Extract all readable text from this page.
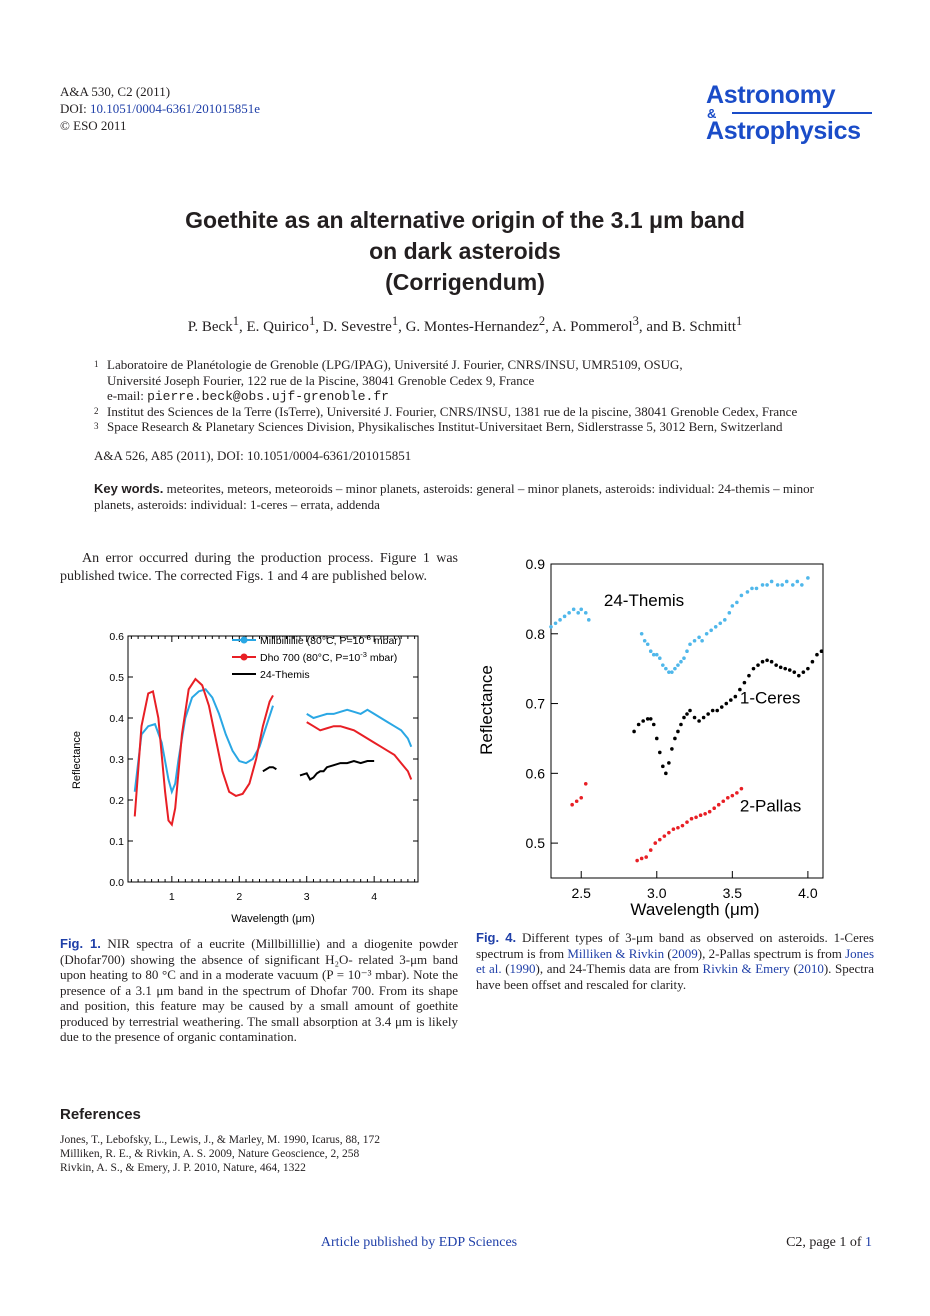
A&A 530, C2 (2011)
DOI: 10.1051/0004-6361/201015851e
© ESO 2011
Astronomy
&
Astrophysics
Goethite as an alternative origin of the 3.1 μm band
on dark asteroids
(Corrigendum)
P. Beck$^1$, E. Quirico$^1$, D. Sevestre$^1$, G. Montes-Hernandez$^2$, A. Pommerol$^3$, and B. Schmitt$^1$
1 Laboratoire de Planétologie de Grenoble (LPG/IPAG), Université J. Fourier, CNRS/INSU, UMR5109, OSUG,
Université Joseph Fourier, 122 rue de la Piscine, 38041 Grenoble Cedex 9, France
e-mail: pierre.beck@obs.ujf-grenoble.fr
2 Institut des Sciences de la Terre (IsTerre), Université J. Fourier, CNRS/INSU, 1381 rue de la piscine, 38041 Grenoble Cedex, France
3 Space Research & Planetary Sciences Division, Physikalisches Institut-Universitaet Bern, Sidlerstrasse 5, 3012 Bern, Switzerland
A&A 526, A85 (2011), DOI: 10.1051/0004-6361/201015851
Key words. meteorites, meteors, meteoroids – minor planets, asteroids: general – minor planets, asteroids: individual: 24-themis – minor planets, asteroids: individual: 1-ceres – errata, addenda
An error occurred during the production process. Figure 1 was published twice. The corrected Figs. 1 and 4 are published below.
0.0
0.1
0.2
0.3
0.4
0.5
0.6
1	2	3	4
Millbillillie (80°C, $P=10^{-3}$ mbar)
Dho 700 (80°C, $P=10^{-3}$ mbar)
24-Themis
Wavelength (μm)
Reflectance
Fig. 1. NIR spectra of a eucrite (Millbillillie) and a diogenite powder (Dhofar700) showing the absence of significant H₂O- related 3-μm band upon heating to 80 °C and in a moderate vacuum (P = 10⁻³ mbar). Note the presence of a 3.1 μm band in the spectrum of Dhofar 700. From its shape and position, this feature may be caused by a small amount of goethite produced by terrestrial weathering. The small absorption at 3.4 μm is likely due to the presence of organic contamination.
0.5
0.6
0.7
0.8
0.9
2.5	3.0	3.5	4.0
24-Themis
1-Ceres
2-Pallas
Wavelength (μm)
Reflectance
Fig. 4. Different types of 3-μm band as observed on asteroids. 1-Ceres spectrum is from Milliken & Rivkin (2009), 2-Pallas spectrum is from Jones et al. (1990), and 24-Themis data are from Rivkin & Emery (2010). Spectra have been offset and rescaled for clarity.
References
Jones, T., Lebofsky, L., Lewis, J., & Marley, M. 1990, Icarus, 88, 172
Milliken, R. E., & Rivkin, A. S. 2009, Nature Geoscience, 2, 258
Rivkin, A. S., & Emery, J. P. 2010, Nature, 464, 1322
Article published by EDP Sciences	C2, page 1 of 1
